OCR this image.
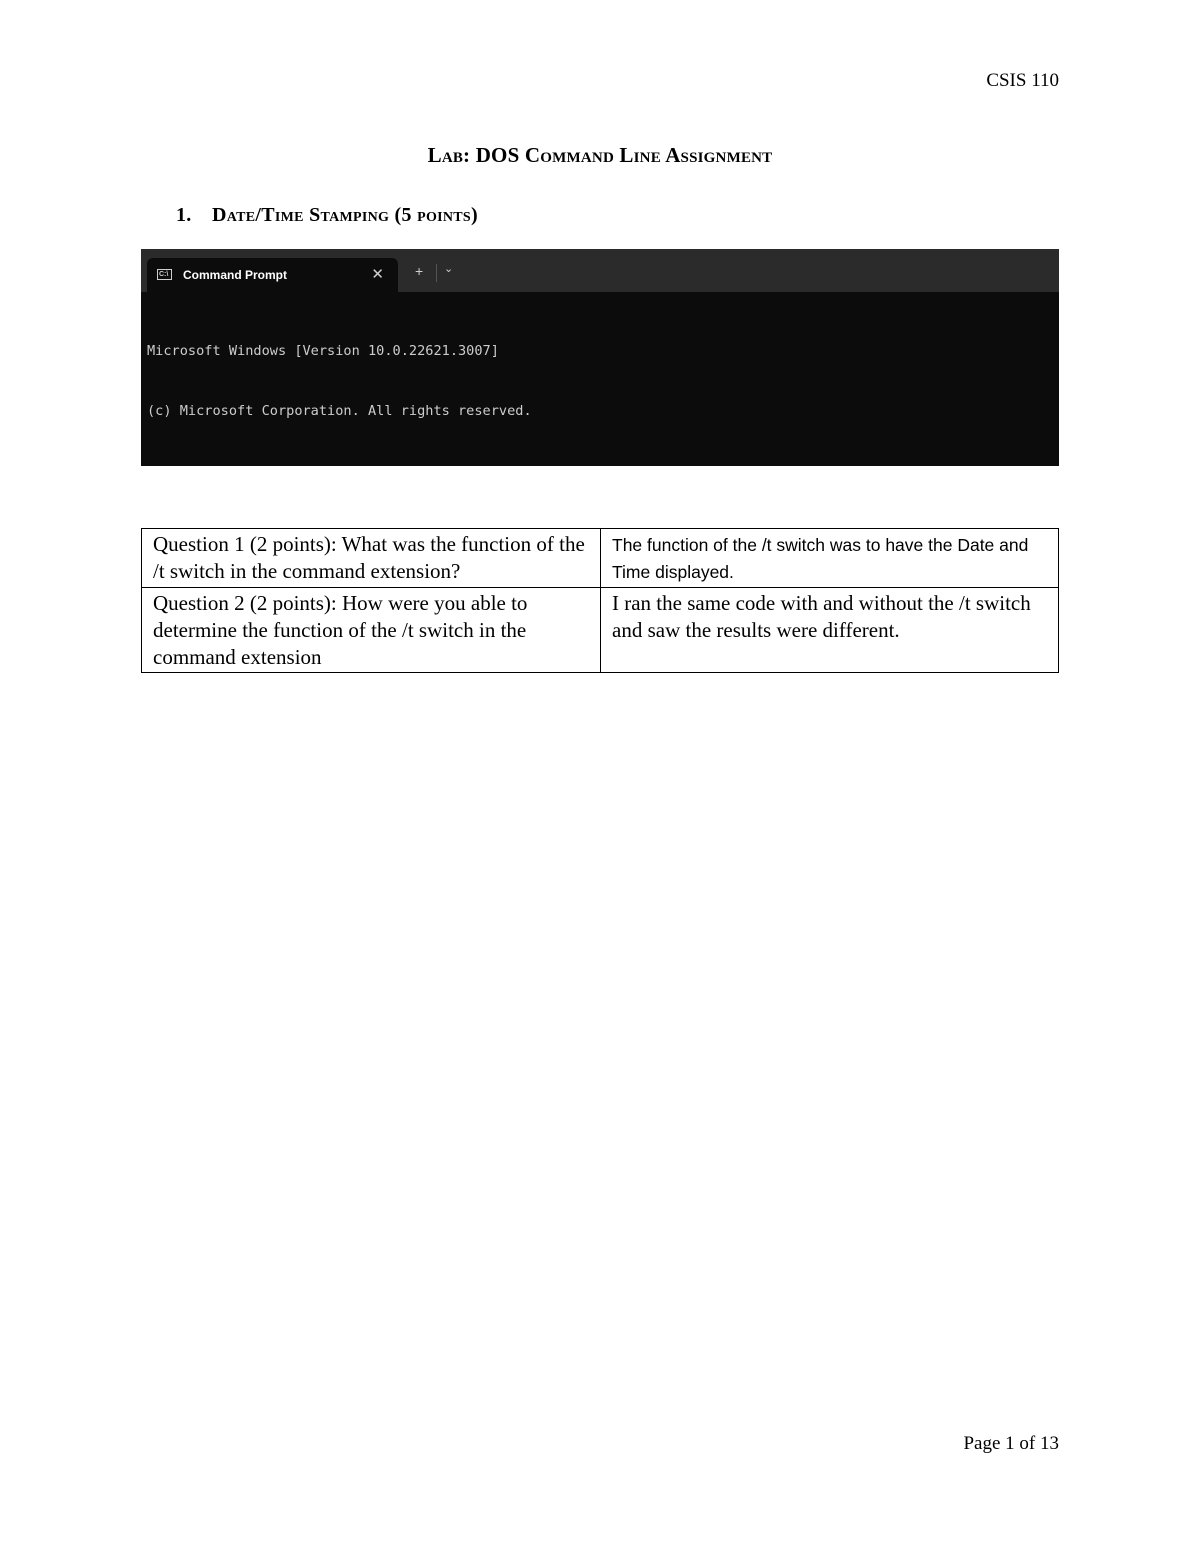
CSIS 110
Lab: DOS Command Line Assignment
1. Date/Time Stamping (5 points)
C:\	Command Prompt	✕ + ⌄

Microsoft Windows [Version 10.0.22621.3007]

(c) Microsoft Corporation. All rights reserved.

Question 1 (2 points): What was the function of the /t switch in the command extension?	The function of the /t switch was to have the Date and Time displayed.
Question 2 (2 points): How were you able to determine the function of the /t switch in the command extension	I ran the same code with and without the /t switch and saw the results were different.
Page 1 of 13
